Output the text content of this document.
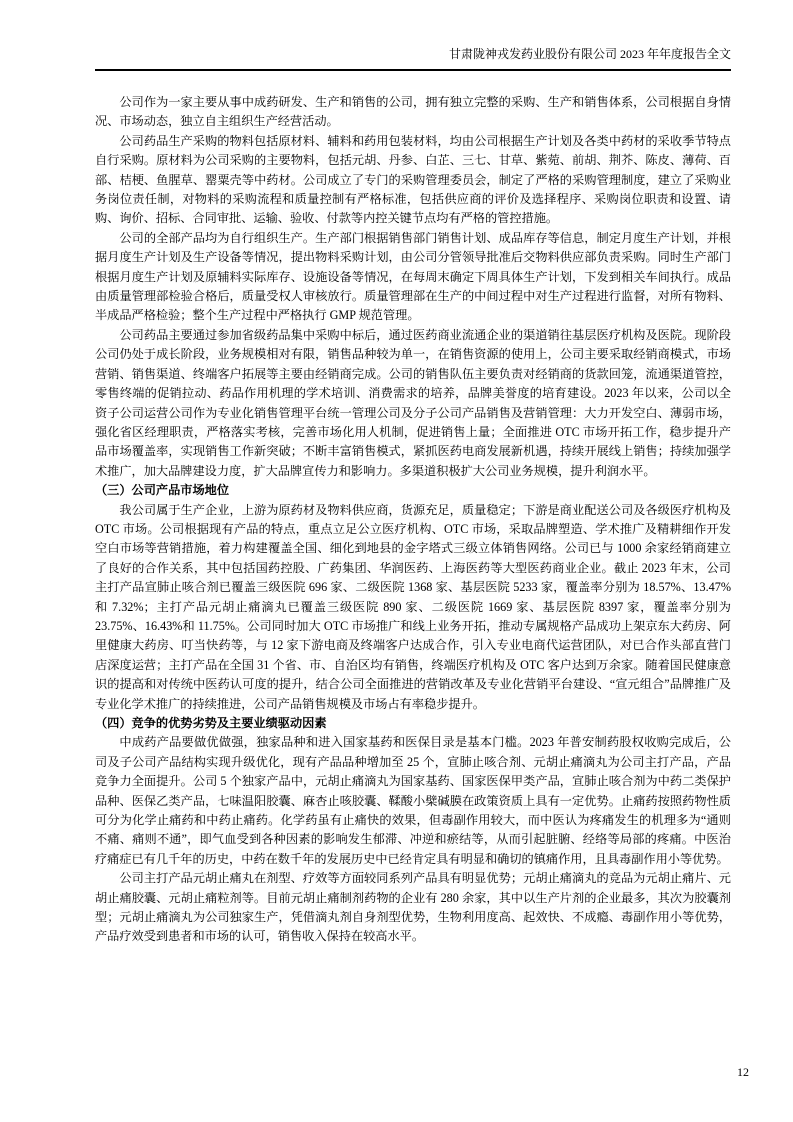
甘肃陇神戎发药业股份有限公司 2023 年年度报告全文

公司作为一家主要从事中成药研发、生产和销售的公司，拥有独立完整的采购、生产和销售体系，公司根据自身情况、市场动态，独立自主组织生产经营活动。

公司药品生产采购的物料包括原材料、辅料和药用包装材料，均由公司根据生产计划及各类中药材的采收季节特点自行采购。原材料为公司采购的主要物料，包括元胡、丹参、白芷、三七、甘草、紫菀、前胡、荆芥、陈皮、薄荷、百部、桔梗、鱼腥草、罂粟壳等中药材。公司成立了专门的采购管理委员会，制定了严格的采购管理制度，建立了采购业务岗位责任制，对物料的采购流程和质量控制有严格标准，包括供应商的评价及选择程序、采购岗位职责和设置、请购、询价、招标、合同审批、运输、验收、付款等内控关键节点均有严格的管控措施。

公司的全部产品均为自行组织生产。生产部门根据销售部门销售计划、成品库存等信息，制定月度生产计划，并根据月度生产计划及生产设备等情况，提出物料采购计划，由公司分管领导批准后交物料供应部负责采购。同时生产部门根据月度生产计划及原辅料实际库存、设施设备等情况，在每周末确定下周具体生产计划，下发到相关车间执行。成品由质量管理部检验合格后，质量受权人审核放行。质量管理部在生产的中间过程中对生产过程进行监督，对所有物料、半成品严格检验；整个生产过程中严格执行 GMP 规范管理。

公司药品主要通过参加省级药品集中采购中标后，通过医药商业流通企业的渠道销往基层医疗机构及医院。现阶段公司仍处于成长阶段，业务规模相对有限，销售品种较为单一，在销售资源的使用上，公司主要采取经销商模式，市场营销、销售渠道、终端客户拓展等主要由经销商完成。公司的销售队伍主要负责对经销商的货款回笼，流通渠道管控，零售终端的促销拉动、药品作用机理的学术培训、消费需求的培养，品牌美誉度的培育建设。2023 年以来，公司以全资子公司运营公司作为专业化销售管理平台统一管理公司及分子公司产品销售及营销管理：大力开发空白、薄弱市场，强化省区经理职责，严格落实考核，完善市场化用人机制，促进销售上量；全面推进 OTC 市场开拓工作，稳步提升产品市场覆盖率，实现销售工作新突破；不断丰富销售模式，紧抓医药电商发展新机遇，持续开展线上销售；持续加强学术推广，加大品牌建设力度，扩大品牌宣传力和影响力。多渠道积极扩大公司业务规模，提升利润水平。

（三）公司产品市场地位

我公司属于生产企业，上游为原药材及物料供应商，货源充足，质量稳定；下游是商业配送公司及各级医疗机构及 OTC 市场。公司根据现有产品的特点，重点立足公立医疗机构、OTC 市场，采取品牌塑造、学术推广及精耕细作开发空白市场等营销措施，着力构建覆盖全国、细化到地县的金字塔式三级立体销售网络。公司已与 1000 余家经销商建立了良好的合作关系，其中包括国药控股、广药集团、华润医药、上海医药等大型医药商业企业。截止 2023 年末，公司主打产品宣肺止咳合剂已覆盖三级医院 696 家、二级医院 1368 家、基层医院 5233 家，覆盖率分别为 18.57%、13.47%和 7.32%；主打产品元胡止痛滴丸已覆盖三级医院 890 家、二级医院 1669 家、基层医院 8397 家，覆盖率分别为 23.75%、16.43%和 11.75%。公司同时加大 OTC 市场推广和线上业务开拓，推动专属规格产品成功上架京东大药房、阿里健康大药房、叮当快药等，与 12 家下游电商及终端客户达成合作，引入专业电商代运营团队，对已合作头部直营门店深度运营；主打产品在全国 31 个省、市、自治区均有销售，终端医疗机构及 OTC 客户达到万余家。随着国民健康意识的提高和对传统中医药认可度的提升，结合公司全面推进的营销改革及专业化营销平台建设、“宣元组合”品牌推广及专业化学术推广的持续推进，公司产品销售规模及市场占有率稳步提升。

（四）竞争的优势劣势及主要业绩驱动因素

中成药产品要做优做强，独家品种和进入国家基药和医保目录是基本门槛。2023 年普安制药股权收购完成后，公司及子公司产品结构实现升级优化，现有产品品种增加至 25 个，宣肺止咳合剂、元胡止痛滴丸为公司主打产品，产品竞争力全面提升。公司 5 个独家产品中，元胡止痛滴丸为国家基药、国家医保甲类产品，宣肺止咳合剂为中药二类保护品种、医保乙类产品，七味温阳胶囊、麻杏止咳胶囊、鞣酸小檗碱膜在政策资质上具有一定优势。止痛药按照药物性质可分为化学止痛药和中药止痛药。化学药虽有止痛快的效果，但毒副作用较大，而中医认为疼痛发生的机理多为“通则不痛、痛则不通”，即气血受到各种因素的影响发生郁滞、冲逆和瘀结等，从而引起脏腑、经络等局部的疼痛。中医治疗痛症已有几千年的历史，中药在数千年的发展历史中已经肯定具有明显和确切的镇痛作用，且具毒副作用小等优势。

公司主打产品元胡止痛丸在剂型、疗效等方面较同系列产品具有明显优势；元胡止痛滴丸的竞品为元胡止痛片、元胡止痛胶囊、元胡止痛粒剂等。目前元胡止痛制剂药物的企业有 280 余家，其中以生产片剂的企业最多，其次为胶囊剂型；元胡止痛滴丸为公司独家生产，凭借滴丸剂自身剂型优势，生物利用度高、起效快、不成瘾、毒副作用小等优势，产品疗效受到患者和市场的认可，销售收入保持在较高水平。

12
